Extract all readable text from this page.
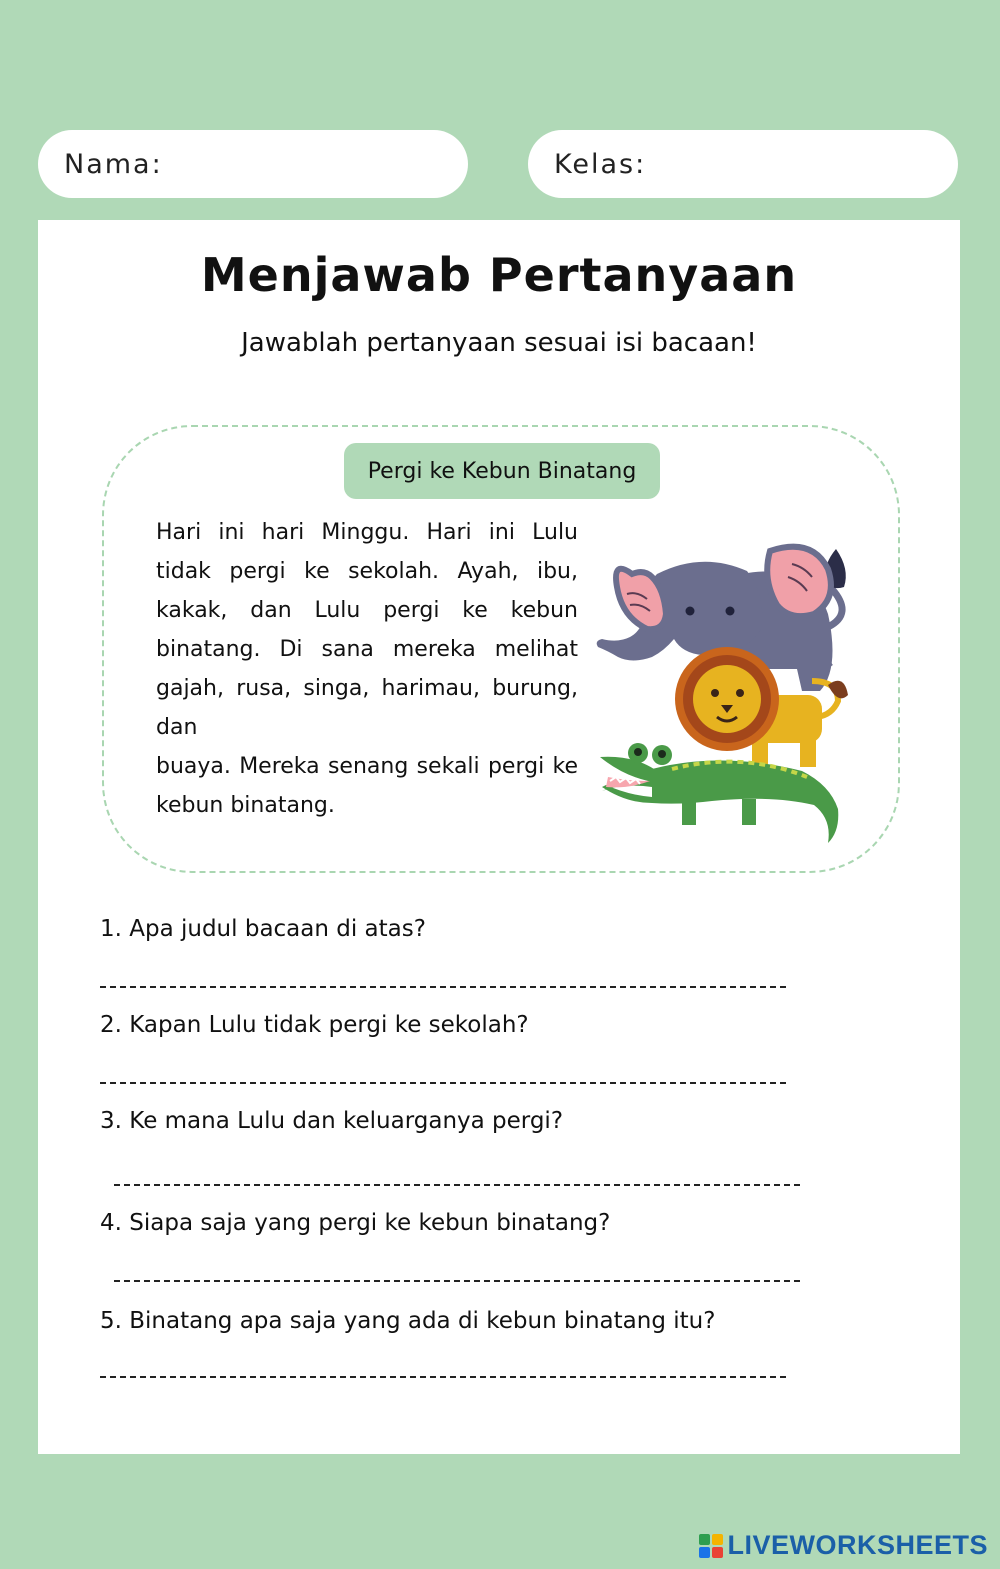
Nama:	Kelas:
Menjawab Pertanyaan
Jawablah pertanyaan sesuai isi bacaan!
Pergi ke Kebun Binatang

Hari ini hari Minggu. Hari ini Lulu tidak pergi ke sekolah. Ayah, ibu, kakak, dan Lulu pergi ke kebun binatang. Di sana mereka melihat gajah, rusa, singa, harimau, burung, dan

buaya. Mereka senang sekali pergi ke kebun binatang.

1. Apa judul bacaan di atas?
2. Kapan Lulu tidak pergi ke sekolah?
3. Ke mana Lulu dan keluarganya pergi?
4. Siapa saja yang pergi ke kebun binatang?
5. Binatang apa saja yang ada di kebun binatang itu?
LIVEWORKSHEETS
